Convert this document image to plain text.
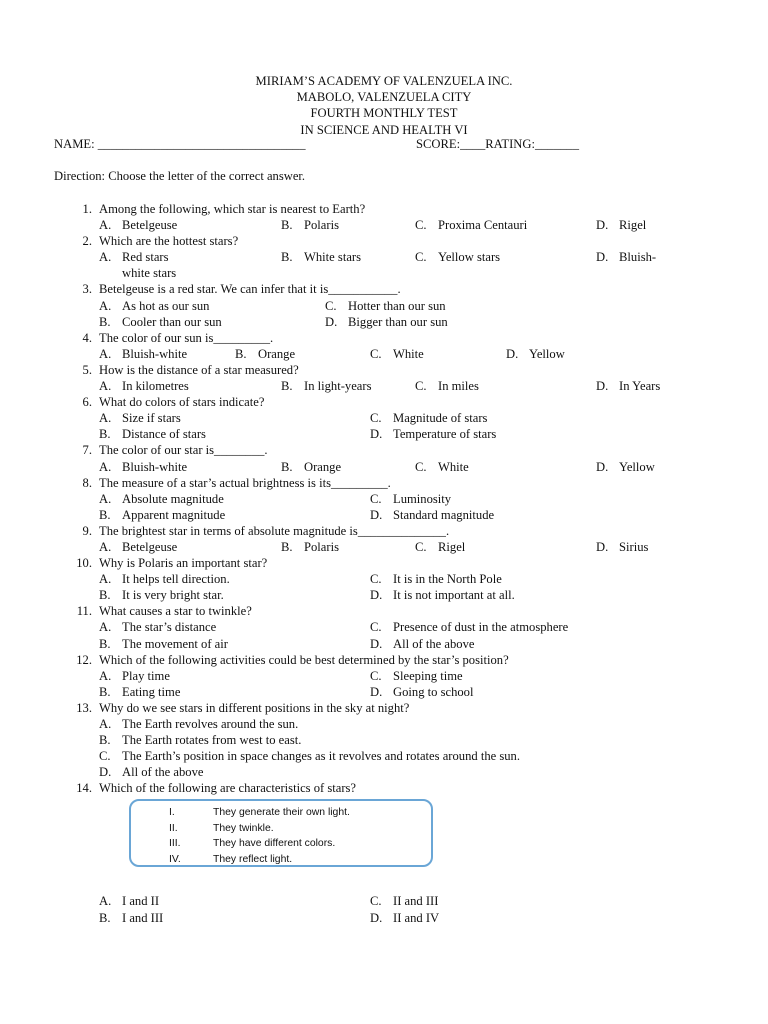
MIRIAM’S ACADEMY OF VALENZUELA INC.
MABOLO, VALENZUELA CITY
FOURTH MONTHLY TEST
IN SCIENCE AND HEALTH VI
NAME: _________________________________	SCORE:____RATING:_______
Direction: Choose the letter of the correct answer.
1. Among the following, which star is nearest to Earth?
A. Betelgeuse	B. Polaris	C. Proxima Centauri	D. Rigel
2. Which are the hottest stars?
A. Red stars	B. White stars	C. Yellow stars	D. Bluish-
white stars
3. Betelgeuse is a red star. We can infer that it is___________.
A. As hot as our sun	C. Hotter than our sun
B. Cooler than our sun	D. Bigger than our sun
4. The color of our sun is_________.
A. Bluish-white	B. Orange	C. White	D. Yellow
5. How is the distance of a star measured?
A. In kilometres	B. In light-years	C. In miles	D. In Years
6. What do colors of stars indicate?
A. Size if stars	C. Magnitude of stars
B. Distance of stars	D. Temperature of stars
7. The color of our star is________.
A. Bluish-white	B. Orange	C. White	D. Yellow
8. The measure of a star’s actual brightness is its_________.
A. Absolute magnitude	C. Luminosity
B. Apparent magnitude	D. Standard magnitude
9. The brightest star in terms of absolute magnitude is______________.
A. Betelgeuse	B. Polaris	C. Rigel	D. Sirius
10. Why is Polaris an important star?
A. It helps tell direction.	C. It is in the North Pole
B. It is very bright star.	D. It is not important at all.
11. What causes a star to twinkle?
A. The star’s distance	C. Presence of dust in the atmosphere
B. The movement of air	D. All of the above
12. Which of the following activities could be best determined by the star’s position?
A. Play time	C. Sleeping time
B. Eating time	D. Going to school
13. Why do we see stars in different positions in the sky at night?
A. The Earth revolves around the sun.
B. The Earth rotates from west to east.
C. The Earth’s position in space changes as it revolves and rotates around the sun.
D. All of the above
14. Which of the following are characteristics of stars?
I.	They generate their own light.
II.	They twinkle.
III.	They have different colors.
IV.	They reflect light.
A. I and II	C. II and III
B. I and III	D. II and IV
